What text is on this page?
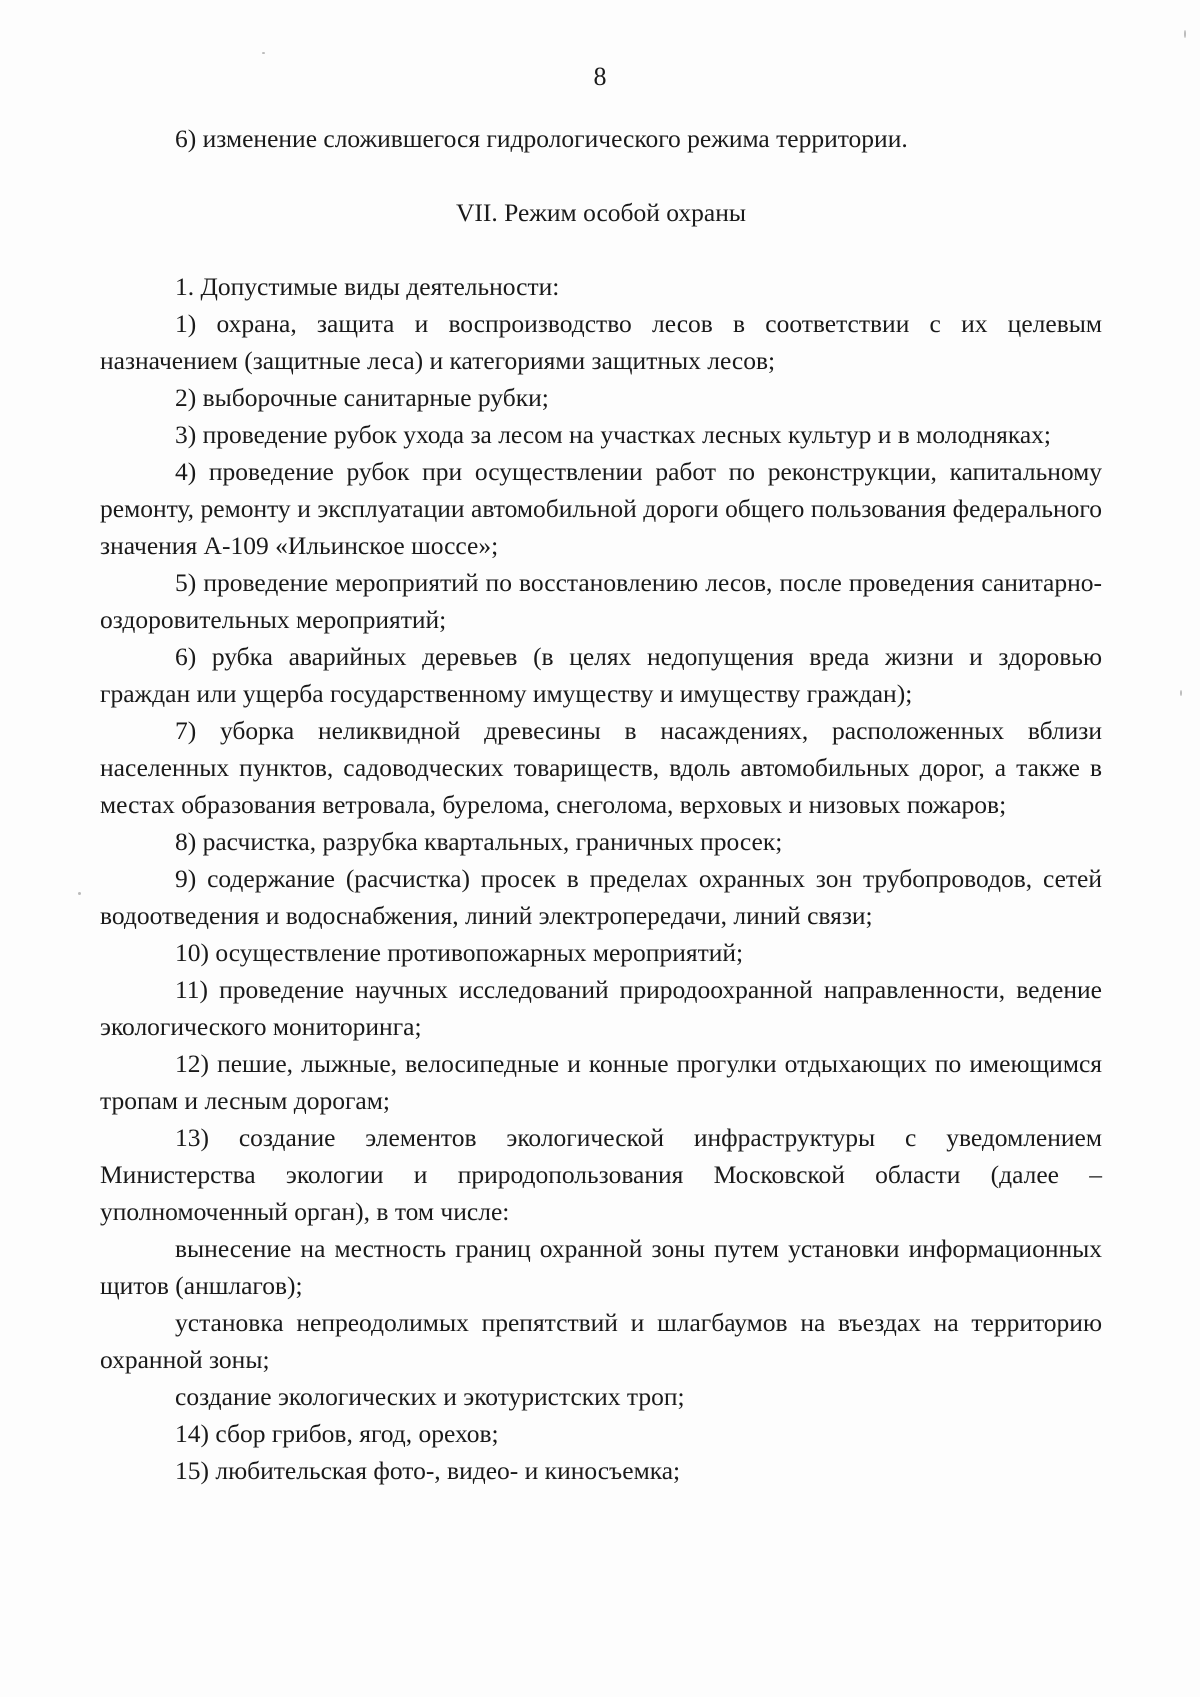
8

6) изменение сложившегося гидрологического режима территории.

VII. Режим особой охраны

1. Допустимые виды деятельности:

1) охрана, защита и воспроизводство лесов в соответствии с их целевым назначением (защитные леса) и категориями защитных лесов;

2) выборочные санитарные рубки;

3) проведение рубок ухода за лесом на участках лесных культур и в молодняках;

4) проведение рубок при осуществлении работ по реконструкции, капитальному ремонту, ремонту и эксплуатации автомобильной дороги общего пользования федерального значения А-109 «Ильинское шоссе»;

5) проведение мероприятий по восстановлению лесов, после проведения санитарно-оздоровительных мероприятий;

6) рубка аварийных деревьев (в целях недопущения вреда жизни и здоровью граждан или ущерба государственному имуществу и имуществу граждан);

7) уборка неликвидной древесины в насаждениях, расположенных вблизи населенных пунктов, садоводческих товариществ, вдоль автомобильных дорог, а также в местах образования ветровала, бурелома, снеголома, верховых и низовых пожаров;

8) расчистка, разрубка квартальных, граничных просек;

9) содержание (расчистка) просек в пределах охранных зон трубопроводов, сетей водоотведения и водоснабжения, линий электропередачи, линий связи;

10) осуществление противопожарных мероприятий;

11) проведение научных исследований природоохранной направленности, ведение экологического мониторинга;

12) пешие, лыжные, велосипедные и конные прогулки отдыхающих по имеющимся тропам и лесным дорогам;

13) создание элементов экологической инфраструктуры с уведомлением Министерства экологии и природопользования Московской области (далее – уполномоченный орган), в том числе:

вынесение на местность границ охранной зоны путем установки информационных щитов (аншлагов);

установка непреодолимых препятствий и шлагбаумов на въездах на территорию охранной зоны;

создание экологических и экотуристских троп;

14) сбор грибов, ягод, орехов;

15) любительская фото-, видео- и киносъемка;
